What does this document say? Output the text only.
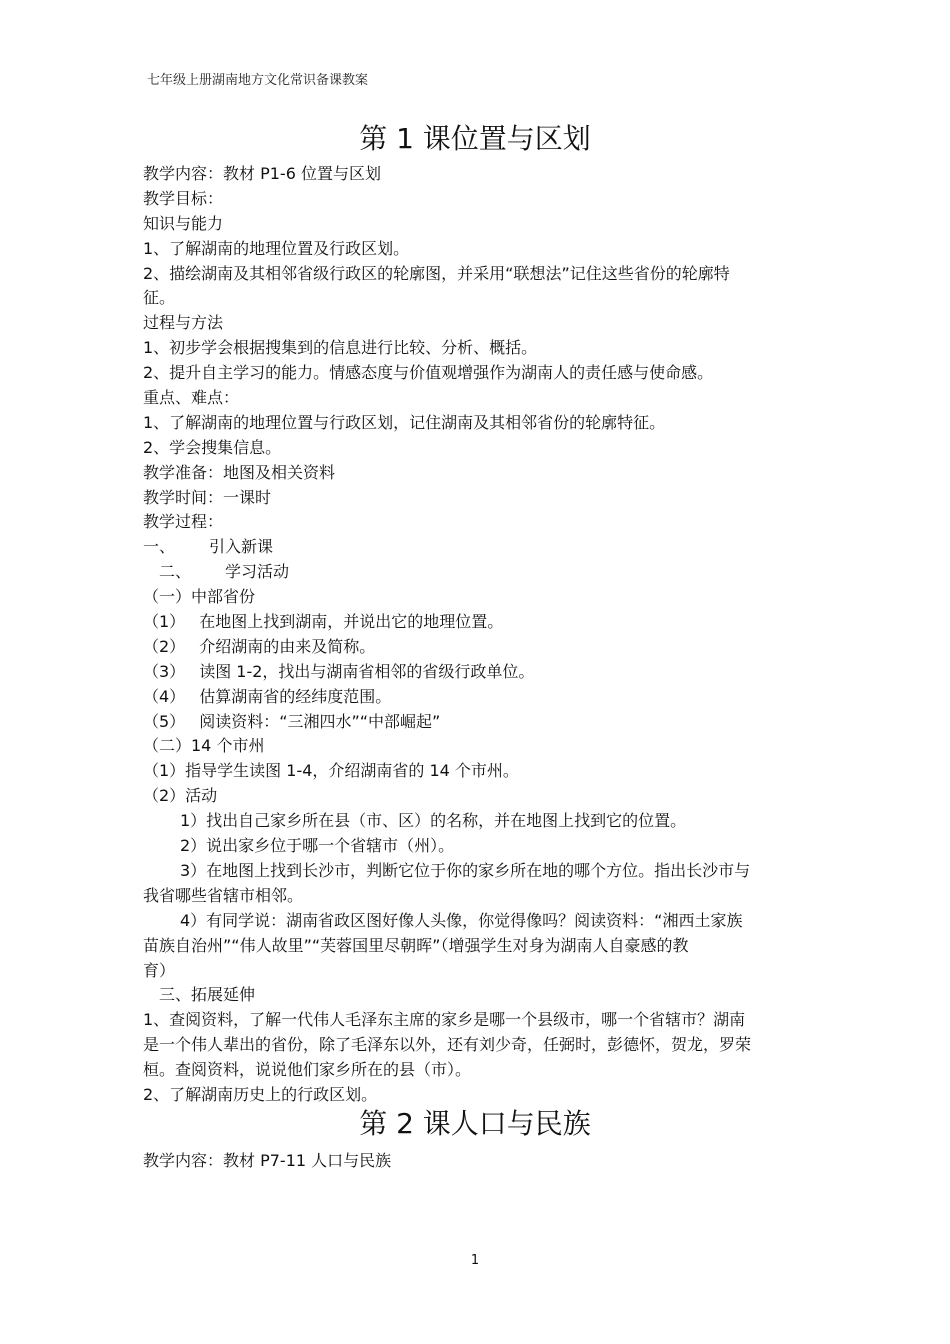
七年级上册湖南地方文化常识备课教案
第 1 课位置与区划
教学内容：教材 P1-6 位置与区划
教学目标：
知识与能力
1、了解湖南的地理位置及行政区划。
2、描绘湖南及其相邻省级行政区的轮廓图，并采用“联想法”记住这些省份的轮廓特
征。
过程与方法
1、初步学会根据搜集到的信息进行比较、分析、概括。
2、提升自主学习的能力。情感态度与价值观增强作为湖南人的责任感与使命感。
重点、难点：
1、了解湖南的地理位置与行政区划，记住湖南及其相邻省份的轮廓特征。
2、学会搜集信息。
教学准备：地图及相关资料
教学时间：一课时
教学过程：
一、 引入新课
二、 学习活动
（一）中部省份
（1） 在地图上找到湖南，并说出它的地理位置。
（2） 介绍湖南的由来及简称。
（3） 读图 1-2，找出与湖南省相邻的省级行政单位。
（4） 估算湖南省的经纬度范围。
（5） 阅读资料：“三湘四水”“中部崛起”
（二）14 个市州
（1）指导学生读图 1-4，介绍湖南省的 14 个市州。
（2）活动
1）找出自己家乡所在县（市、区）的名称，并在地图上找到它的位置。
2）说出家乡位于哪一个省辖市（州）。
3）在地图上找到长沙市，判断它位于你的家乡所在地的哪个方位。指出长沙市与
我省哪些省辖市相邻。
4）有同学说：湖南省政区图好像人头像，你觉得像吗？阅读资料：“湘西土家族
苗族自治州”“伟人故里”“芙蓉国里尽朝晖”（增强学生对身为湖南人自豪感的教
育）
三、拓展延伸
1、查阅资料，了解一代伟人毛泽东主席的家乡是哪一个县级市，哪一个省辖市？湖南
是一个伟人辈出的省份，除了毛泽东以外，还有刘少奇，任弼时，彭德怀，贺龙，罗荣
桓。查阅资料，说说他们家乡所在的县（市）。
2、了解湖南历史上的行政区划。
第 2 课人口与民族
教学内容：教材 P7-11 人口与民族
1
